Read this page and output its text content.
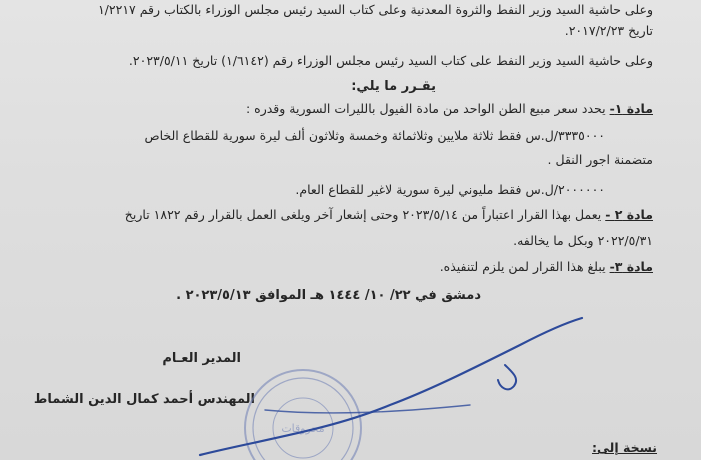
وعلى حاشية السيد وزير النفط والثروة المعدنية وعلى كتاب السيد رئيس مجلس الوزراء بالكتاب رقم ١/٢٢١٧
تاريخ ٢٠١٧/٢/٢٣.
وعلى حاشية السيد وزير النفط على كتاب السيد رئيس مجلس الوزراء رقم (١/٦١٤٢) تاريخ ٢٠٢٣/٥/١١.
يقـرر ما يلي:
مادة ١- يحدد سعر مبيع الطن الواحد من مادة الفيول بالليرات السورية وقدره :
٣٣٣٥٠٠٠/ل.س فقط ثلاثة ملايين وثلاثمائة وخمسة وثلاثون ألف ليرة سورية للقطاع الخاص
متضمنة اجور النقل .
٢٠٠٠٠٠٠/ل.س فقط مليوني ليرة سورية لاغير للقطاع العام.
مادة ٢ - يعمل بهذا القرار اعتباراً من ٢٠٢٣/٥/١٤ وحتى إشعار آخر ويلغى العمل بالقرار رقم ١٨٢٢ تاريخ
٢٠٢٢/٥/٣١ وبكل ما يخالفه.
مادة ٣- يبلغ هذا القرار لمن يلزم لتنفيذه.
دمشق في ٢٢/ ١٠/ ١٤٤٤ هـ الموافق ٢٠٢٣/٥/١٣ .
المدير العـام
المهندس أحمد كمال الدين الشماط
نسخة إلى:
محروقات
